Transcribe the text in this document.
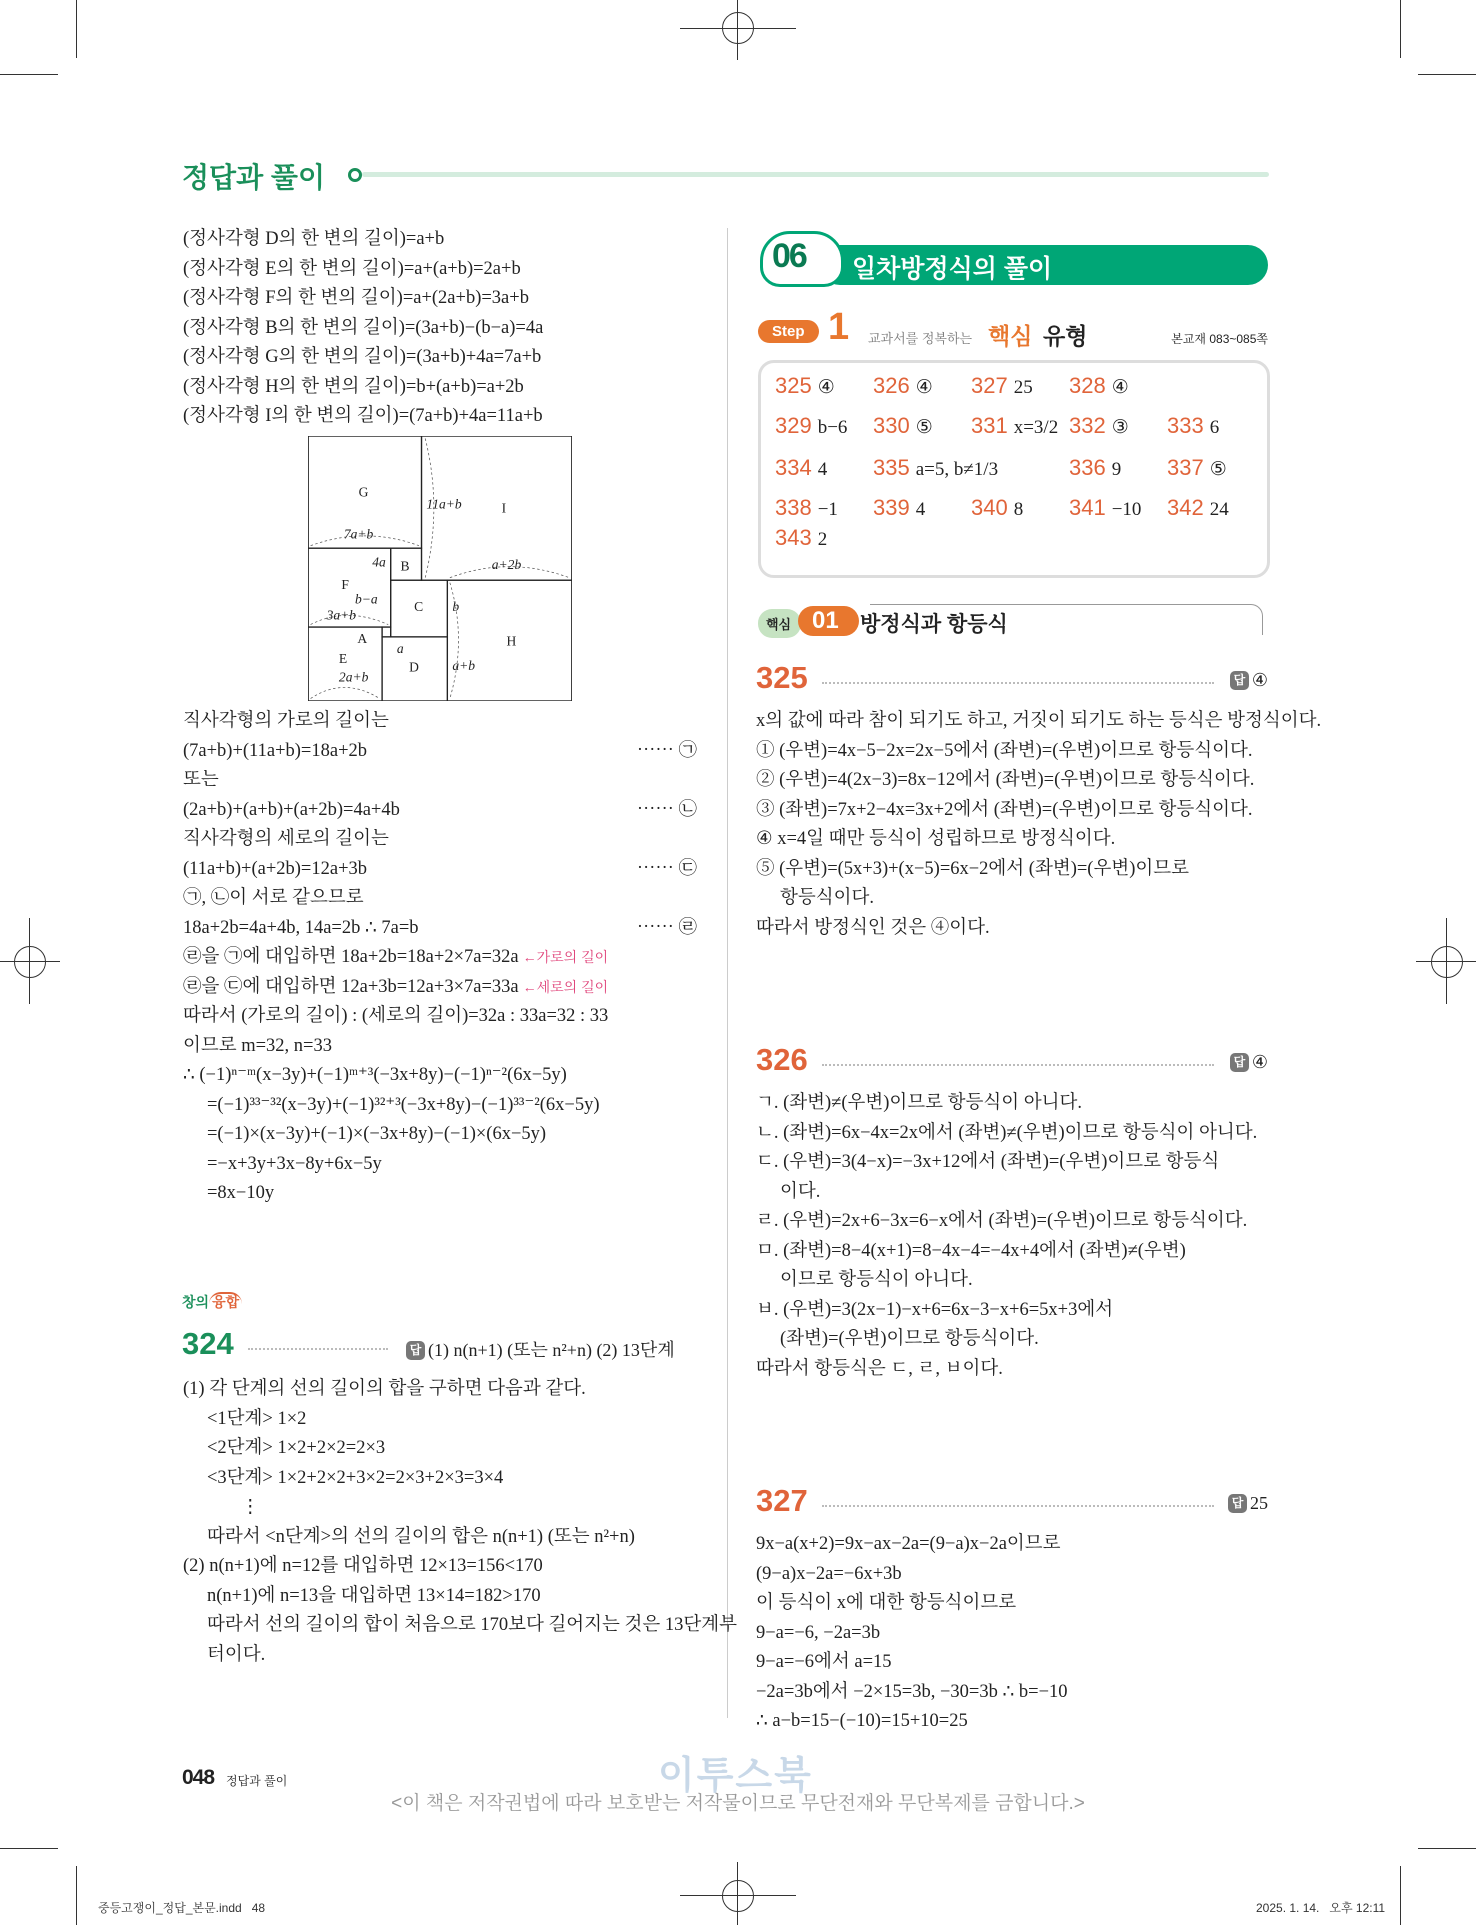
정답과 풀이
(정사각형 D의 한 변의 길이)=a+b
(정사각형 E의 한 변의 길이)=a+(a+b)=2a+b
(정사각형 F의 한 변의 길이)=a+(2a+b)=3a+b
(정사각형 B의 한 변의 길이)=(3a+b)−(b−a)=4a
(정사각형 G의 한 변의 길이)=(3a+b)+4a=7a+b
(정사각형 H의 한 변의 길이)=b+(a+b)=a+2b
(정사각형 I의 한 변의 길이)=(7a+b)+4a=11a+b
G
I
11a+b
7a+b
4a B
F
b−a	C	b
a+2b
3a+b
A
a	H
E
D	a+b
2a+b
직사각형의 가로의 길이는
(7a+b)+(11a+b)=18a+2b	⋯⋯ ㉠
또는
(2a+b)+(a+b)+(a+2b)=4a+4b	⋯⋯ ㉡
직사각형의 세로의 길이는
(11a+b)+(a+2b)=12a+3b	⋯⋯ ㉢
㉠, ㉡이 서로 같으므로
18a+2b=4a+4b, 14a=2b ∴ 7a=b	⋯⋯ ㉣
㉣을 ㉠에 대입하면 18a+2b=18a+2×7a=32a ←가로의 길이
㉣을 ㉢에 대입하면 12a+3b=12a+3×7a=33a ←세로의 길이
따라서 (가로의 길이) : (세로의 길이)=32a : 33a=32 : 33
이므로 m=32, n=33
∴ (−1)ⁿ⁻ᵐ(x−3y)+(−1)ᵐ⁺³(−3x+8y)−(−1)ⁿ⁻²(6x−5y)
=(−1)³³⁻³²(x−3y)+(−1)³²⁺³(−3x+8y)−(−1)³³⁻²(6x−5y)
=(−1)×(x−3y)+(−1)×(−3x+8y)−(−1)×(6x−5y)
=−x+3y+3x−8y+6x−5y
=8x−10y
창의 융합
324	답 (1) n(n+1) (또는 n²+n) (2) 13단계
(1) 각 단계의 선의 길이의 합을 구하면 다음과 같다.
<1단계> 1×2
<2단계> 1×2+2×2=2×3
<3단계> 1×2+2×2+3×2=2×3+2×3=3×4
⋮
따라서 <n단계>의 선의 길이의 합은 n(n+1) (또는 n²+n)
(2) n(n+1)에 n=12를 대입하면 12×13=156<170
n(n+1)에 n=13을 대입하면 13×14=182>170
따라서 선의 길이의 합이 처음으로 170보다 길어지는 것은 13단계부
터이다.
06 일차방정식의 풀이
Step 1 교과서를 정복하는 핵심 유형	본교재 083~085쪽
325 ④ 326 ④ 327 25 328 ④
329 b−6 330 ⑤ 331 x=3/2 332 ③ 333 6
334 4 335 a=5, b≠1/3	336 9 337 ⑤
338 −1 339 4 340 8 341 −10 342 24
343 2
핵심 01	방정식과 항등식
325	답 ④
x의 값에 따라 참이 되기도 하고, 거짓이 되기도 하는 등식은 방정식이다.
① (우변)=4x−5−2x=2x−5에서 (좌변)=(우변)이므로 항등식이다.
② (우변)=4(2x−3)=8x−12에서 (좌변)=(우변)이므로 항등식이다.
③ (좌변)=7x+2−4x=3x+2에서 (좌변)=(우변)이므로 항등식이다.
④ x=4일 때만 등식이 성립하므로 방정식이다.
⑤ (우변)=(5x+3)+(x−5)=6x−2에서 (좌변)=(우변)이므로
항등식이다.
따라서 방정식인 것은 ④이다.
326	답 ④
ㄱ. (좌변)≠(우변)이므로 항등식이 아니다.
ㄴ. (좌변)=6x−4x=2x에서 (좌변)≠(우변)이므로 항등식이 아니다.
ㄷ. (우변)=3(4−x)=−3x+12에서 (좌변)=(우변)이므로 항등식
이다.
ㄹ. (우변)=2x+6−3x=6−x에서 (좌변)=(우변)이므로 항등식이다.
ㅁ. (좌변)=8−4(x+1)=8−4x−4=−4x+4에서 (좌변)≠(우변)
이므로 항등식이 아니다.
ㅂ. (우변)=3(2x−1)−x+6=6x−3−x+6=5x+3에서
(좌변)=(우변)이므로 항등식이다.
따라서 항등식은 ㄷ, ㄹ, ㅂ이다.
327	답 25
9x−a(x+2)=9x−ax−2a=(9−a)x−2a이므로
(9−a)x−2a=−6x+3b
이 등식이 x에 대한 항등식이므로
9−a=−6, −2a=3b
9−a=−6에서 a=15
−2a=3b에서 −2×15=3b, −30=3b ∴ b=−10
∴ a−b=15−(−10)=15+10=25
048 정답과 풀이	이투스북
<이 책은 저작권법에 따라 보호받는 저작물이므로 무단전재와 무단복제를 금합니다.>
중등고쟁이_정답_본문.indd   48	2025. 1. 14.   오후 12:11
